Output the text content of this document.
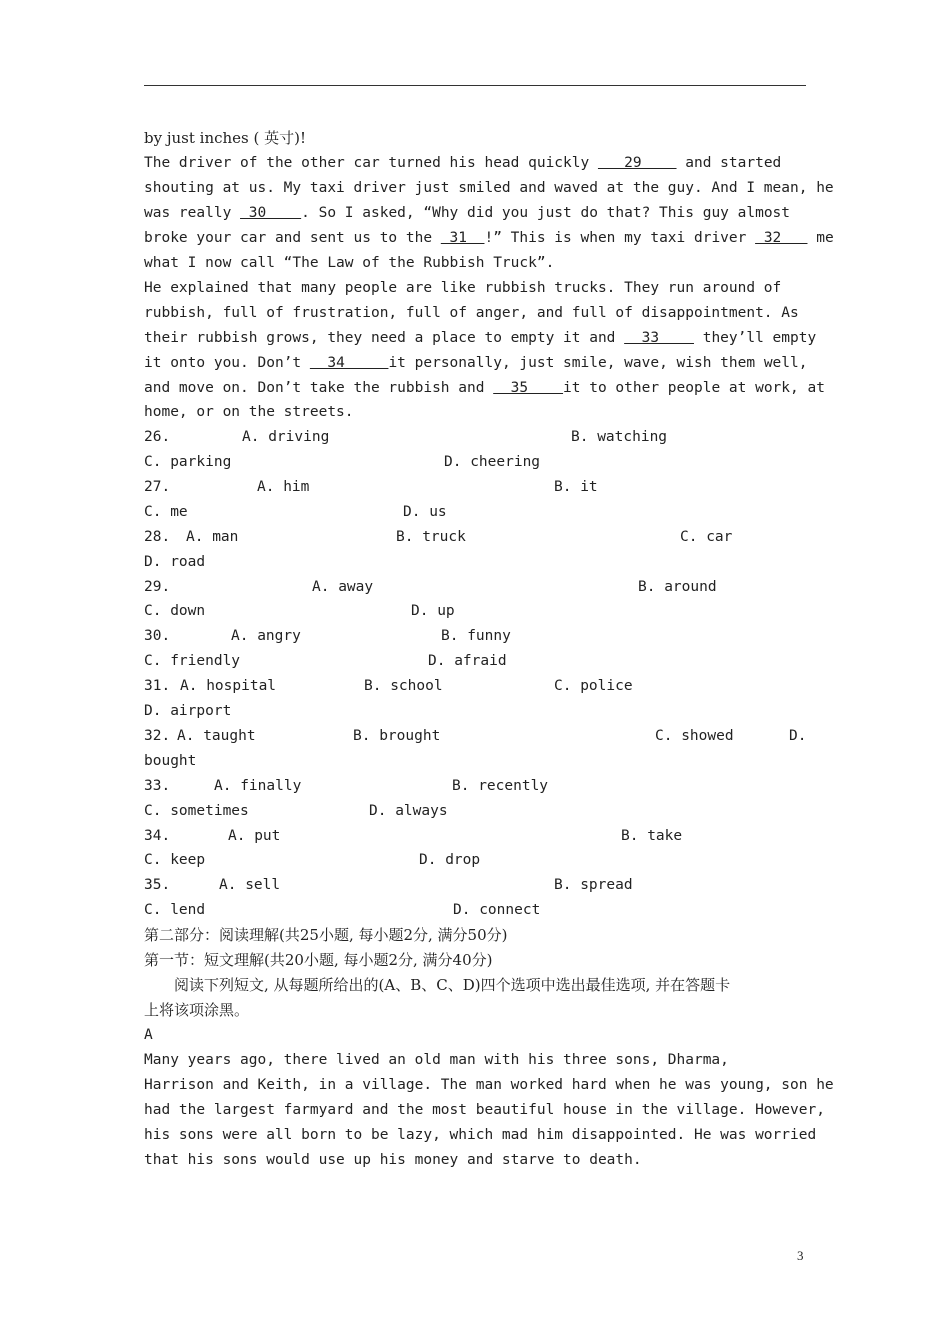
by just inches ( 英寸)!
The driver of the other car turned his head quickly    29     and started
shouting at us. My taxi driver just smiled and waved at the guy. And I mean, he
was really  30    . So I asked, “Why did you just do that? This guy almost
broke your car and sent us to the  31  !” This is when my taxi driver  32    me
what I now call “The Law of the Rubbish Truck”.
He explained that many people are like rubbish trucks. They run around of
rubbish, full of frustration, full of anger, and full of disappointment. As
their rubbish grows, they need a place to empty it and   33     they’ll empty
it onto you. Don’t   34     it personally, just smile, wave, wish them well,
and move on. Don’t take the rubbish and   35    it to other people at work, at
home, or on the streets.
26.	A. driving	B. watching
C. parking	D. cheering
27.	A. him	B. it
C. me	D. us
28. A. man	B. truck	C. car
D. road
29.	A. away	B. around
C. down	D. up
30.	A. angry	B. funny
C. friendly	D. afraid
31. A. hospital	B. school	C. police
D. airport
32. A. taught	B. brought	C. showed	D.
bought
33.	A. finally	B. recently
C. sometimes	D. always
34.	A. put	B. take
C. keep	D. drop
35.	A. sell	B. spread
C. lend	D. connect
第二部分：阅读理解(共25小题, 每小题2分, 满分50分)
第一节：短文理解(共20小题, 每小题2分, 满分40分)
　　阅读下列短文, 从每题所给出的(A、B、C、D)四个选项中选出最佳选项, 并在答题卡
上将该项涂黑。
A
Many years ago, there lived an old man with his three sons, Dharma,
Harrison and Keith, in a village. The man worked hard when he was young, son he
had the largest farmyard and the most beautiful house in the village. However,
his sons were all born to be lazy, which mad him disappointed. He was worried
that his sons would use up his money and starve to death.
3
